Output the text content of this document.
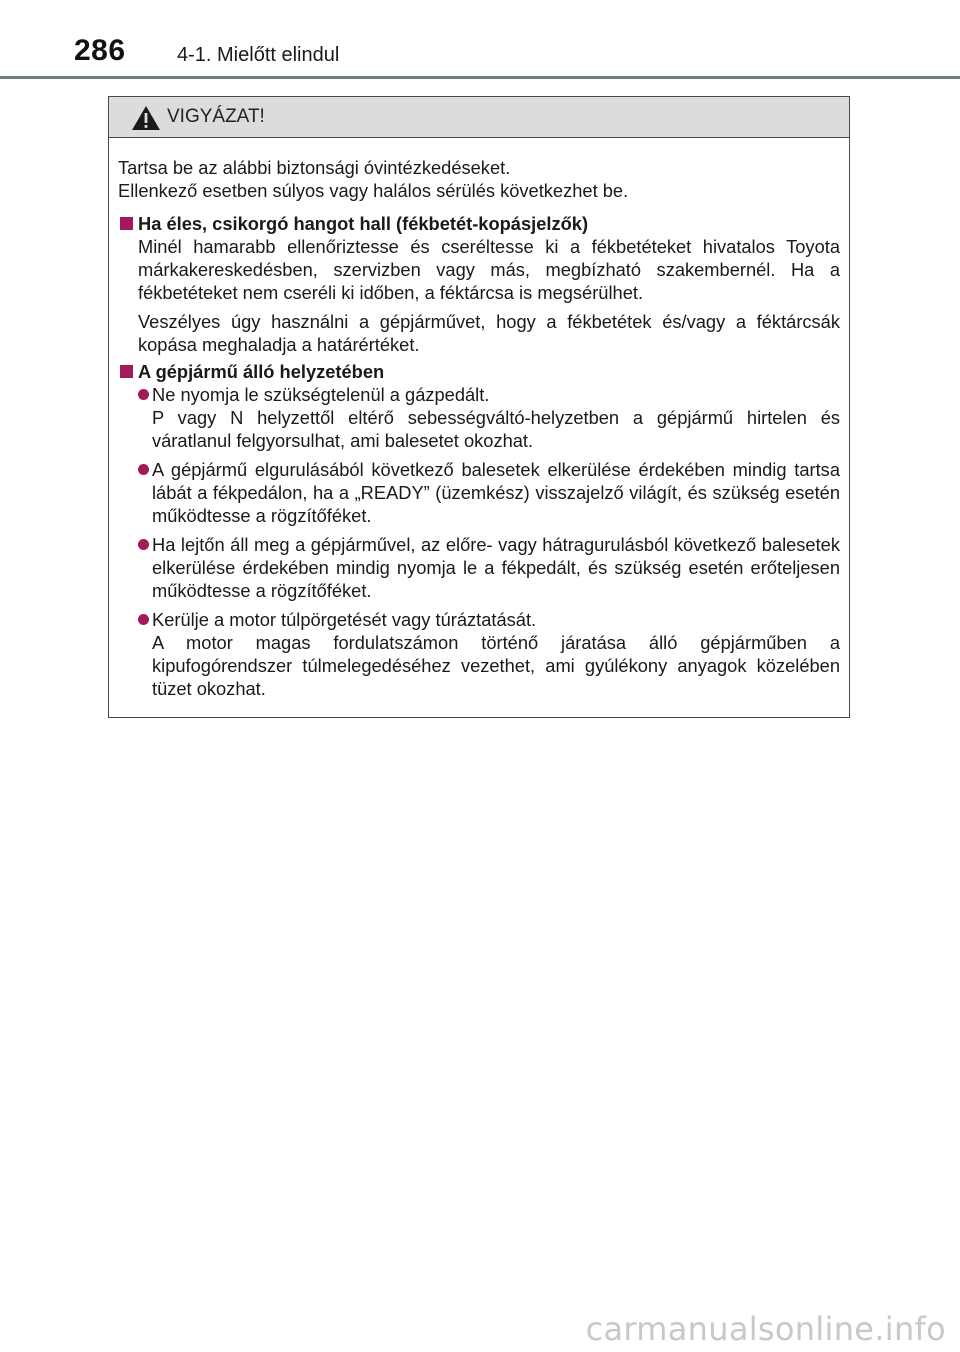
286	4-1. Mielőtt elindul
VIGYÁZAT!

Tartsa be az alábbi biztonsági óvintézkedéseket.

Ellenkező esetben súlyos vagy halálos sérülés következhet be.

Ha éles, csikorgó hangot hall (fékbetét-kopásjelzők)
Minél hamarabb ellenőriztesse és cseréltesse ki a fékbetéteket hivatalos Toyota márkakereskedésben, szervizben vagy más, megbízható szakembernél. Ha a fékbetéteket nem cseréli ki időben, a féktárcsa is megsérülhet.
Veszélyes úgy használni a gépjárművet, hogy a fékbetétek és/vagy a féktárcsák kopása meghaladja a határértéket.
A gépjármű álló helyzetében
Ne nyomja le szükségtelenül a gázpedált.
P vagy N helyzettől eltérő sebességváltó-helyzetben a gépjármű hirtelen és váratlanul felgyorsulhat, ami balesetet okozhat.
A gépjármű elgurulásából következő balesetek elkerülése érdekében mindig tartsa lábát a fékpedálon, ha a „READY” (üzemkész) visszajelző világít, és szükség esetén működtesse a rögzítőféket.
Ha lejtőn áll meg a gépjárművel, az előre- vagy hátragurulásból következő balesetek elkerülése érdekében mindig nyomja le a fékpedált, és szükség esetén erőteljesen működtesse a rögzítőféket.
Kerülje a motor túlpörgetését vagy túráztatását.
A motor magas fordulatszámon történő járatása álló gépjárműben a kipufogórendszer túlmelegedéséhez vezethet, ami gyúlékony anyagok közelében tüzet okozhat.
carmanualsonline.info
